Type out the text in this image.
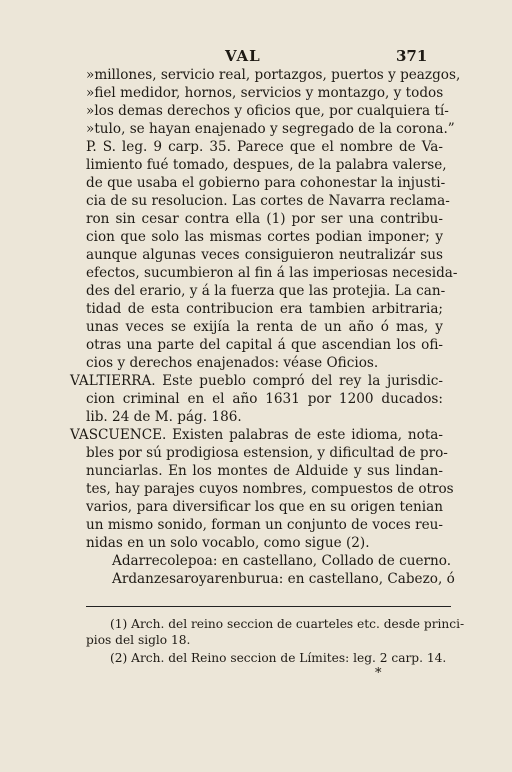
VAL	371
»millones, servicio real, portazgos, puertos y peazgos,
»fiel medidor, hornos, servicios y montazgo, y todos
»los demas derechos y oficios que, por cualquiera tí-
»tulo, se hayan enajenado y segregado de la corona.”
P. S. leg. 9 carp. 35. Parece que el nombre de Va-
limiento fué tomado, despues, de la palabra valerse,
de que usaba el gobierno para cohonestar la injusti-
cia de su resolucion. Las cortes de Navarra reclama-
ron sin cesar contra ella (1) por ser una contribu-
cion que solo las mismas cortes podian imponer; y
aunque algunas veces consiguieron neutralizár sus
efectos, sucumbieron al fin á las imperiosas necesida-
des del erario, y á la fuerza que las protejia. La can-
tidad de esta contribucion era tambien arbitraria;
unas veces se exijía la renta de un año ó mas, y
otras una parte del capital á que ascendian los ofi-
cios y derechos enajenados: véase Oficios.
VALTIERRA. Este pueblo compró del rey la jurisdic-
cion criminal en el año 1631 por 1200 ducados:
lib. 24 de M. pág. 186.
VASCUENCE. Existen palabras de este idioma, nota-
bles por sú prodigiosa estension, y dificultad de pro-
nunciarlas. En los montes de Alduide y sus lindan-
tes, hay parajes cuyos nombres, compuestos de otros
varios, para diversificar los que en su origen tenian
un mismo sonido, forman un conjunto de voces reu-
nidas en un solo vocablo, como sigue (2).
Adarrecolepoa: en castellano, Collado de cuerno.
Ardanzesaroyarenburua: en castellano, Cabezo, ó
(1) Arch. del reino seccion de cuarteles etc. desde princi-
pios del siglo 18.
(2) Arch. del Reino seccion de Límites: leg. 2 carp. 14.
*
